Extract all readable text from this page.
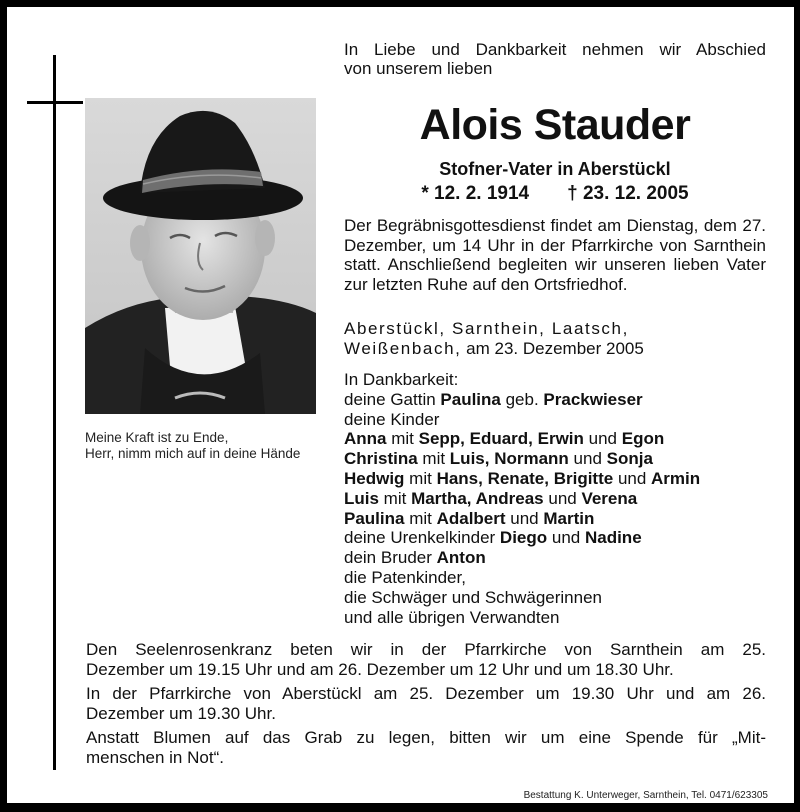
Meine Kraft ist zu Ende,
Herr, nimm mich auf in deine Hände
In Liebe und Dankbarkeit nehmen wir Abschied
von unserem lieben
Alois Stauder
Stofner-Vater in Aberstückl
* 12. 2. 1914 † 23. 12. 2005
Der Begräbnisgottesdienst findet am Dienstag, dem 27. Dezember, um 14 Uhr in der Pfarrkirche von Sarnthein statt. Anschließend begleiten wir unseren lieben Vater zur letzten Ruhe auf den Ortsfriedhof.
Aberstückl, Sarnthein, Laatsch,
Weißenbach, am 23. Dezember 2005
In Dankbarkeit:
deine Gattin Paulina geb. Prackwieser
deine Kinder
Anna mit Sepp, Eduard, Erwin und Egon
Christina mit Luis, Normann und Sonja
Hedwig mit Hans, Renate, Brigitte und Armin
Luis mit Martha, Andreas und Verena
Paulina mit Adalbert und Martin
deine Urenkelkinder Diego und Nadine
dein Bruder Anton
die Patenkinder,
die Schwäger und Schwägerinnen
und alle übrigen Verwandten

Den Seelenrosenkranz beten wir in der Pfarrkirche von Sarnthein am 25.
Dezember um 19.15 Uhr und am 26. Dezember um 12 Uhr und um 18.30 Uhr.

In der Pfarrkirche von Aberstückl am 25. Dezember um 19.30 Uhr und am 26.
Dezember um 19.30 Uhr.

Anstatt Blumen auf das Grab zu legen, bitten wir um eine Spende für „Mit-
menschen in Not“.

Bestattung K. Unterweger, Sarnthein, Tel. 0471/623305
